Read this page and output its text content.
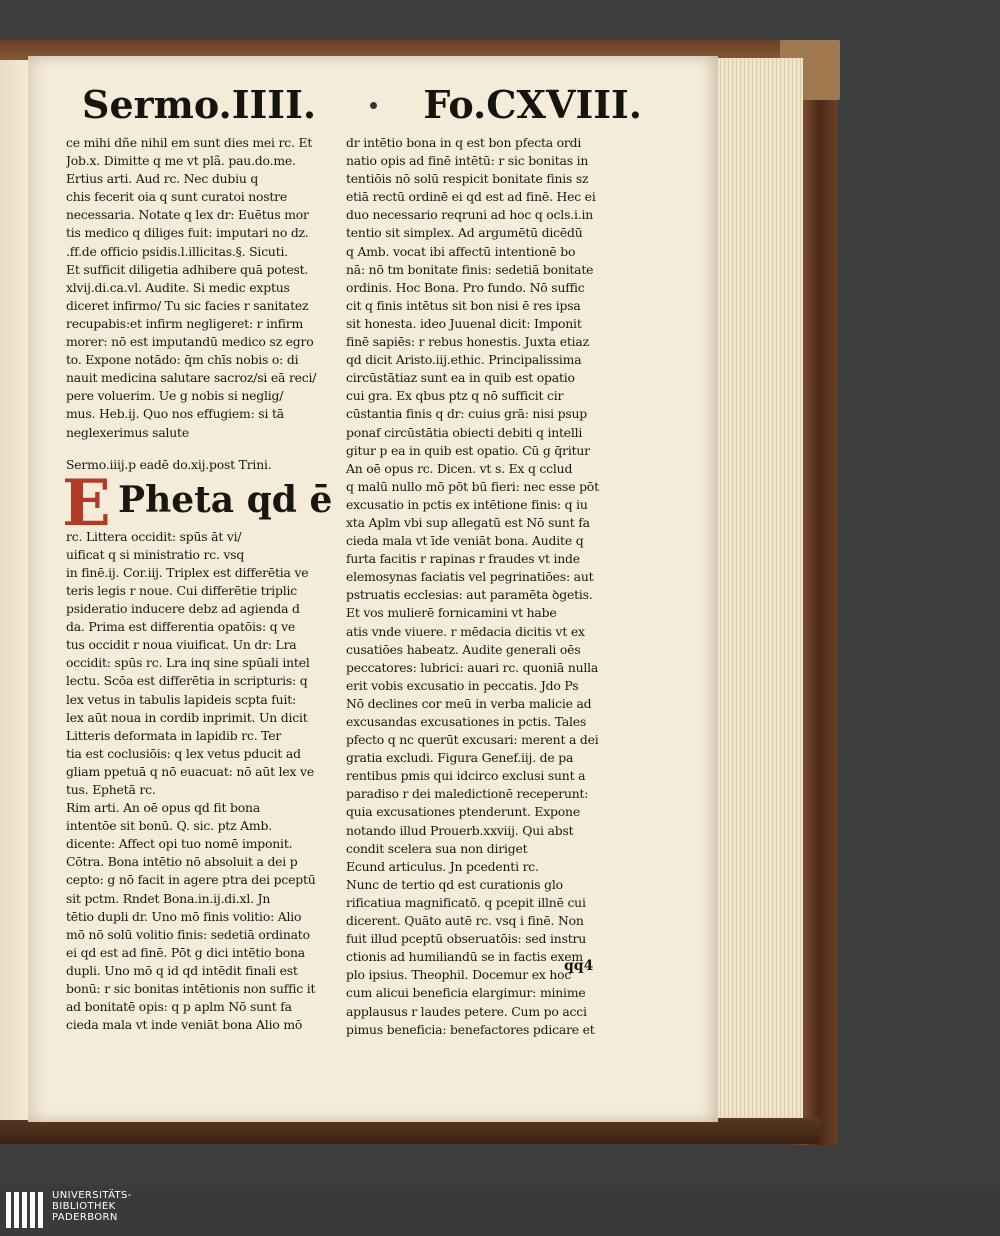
Sermo.IIII.	Fo.CXVIII.
ce mihi dñe nihil em sunt dies mei rc. Et
Job.x. Dimitte q me vt plã. pau.do.me.
Ertius arti. Aud rc. Nec dubiu q
chis fecerit oia q sunt curatoi nostre
necessaria. Notate q lex dr: Euētus mor
tis medico q diliges fuit: imputari no dz.
.ff.de officio psidis.l.illicitas.§. Sicuti.
Et sufficit diligetia adhibere quā potest.
xlvij.di.ca.vl. Audite. Si medic exptus
diceret infirmo/ Tu sic facies r sanitatez
recupabis:et infirm negligeret: r infirm
morer: nō est imputandū medico sz egro
to. Expone notādo: q̄m chīs nobis o: di
nauit medicina salutare sacroz/si eā reci/
pere voluerim. Ue g nobis si neglig/
mus. Heb.ij. Quo nos effugiem: si tā
neglexerimus salute
Sermo.iiij.p eadē do.xij.post Trini.
E Pheta qd ē
rc. Littera occidit: spūs āt vi/
uificat q si ministratio rc. vsq
in finē.ij. Cor.iij. Triplex est differētia ve
teris legis r noue. Cui differētie triplic
psideratio inducere debz ad agienda d
da. Prima est differentia opatōis: q ve
tus occidit r noua viuificat. Un dr: Lra
occidit: spūs rc. Lra inq sine spūali intel
lectu. Scōa est differētia in scripturis: q
lex vetus in tabulis lapideis scpta fuit:
lex aūt noua in cordib inprimit. Un dicit
Litteris deformata in lapidib rc. Ter
tia est coclusiōis: q lex vetus pducit ad
gliam ppetuā q nō euacuat: nō aūt lex ve
tus. Ephetā rc.
Rim arti. An oē opus qd fit bona
intentōe sit bonū. Q. sic. ptz Amb.
dicente: Affect opi tuo nomē imponit.
Cōtra. Bona intētio nō absoluit a dei p
cepto: g nō facit in agere ptra dei pceptū
sit pctm. Rndet Bona.in.ij.di.xl. Jn
tētio dupli dr. Uno mō finis volitio: Alio
mō nō solū volitio finis: sedetiā ordinato
ei qd est ad finē. Pōt g dici intētio bona
dupli. Uno mō q id qd intēdit finali est
bonū: r sic bonitas intētionis non suffic it
ad bonitatē opis: q p aplm Nō sunt fa
cieda mala vt inde veniāt bona Alio mō
dr intētio bona in q est bon pfecta ordi
natio opis ad finē intētū: r sic bonitas in
tentiōis nō solū respicit bonitate finis sz
etiā rectū ordinē ei qd est ad finē. Hec ei
duo necessario reqruni ad hoc q ocls.i.in
tentio sit simplex. Ad argumētū dicēdū
q Amb. vocat ibi affectū intentionē bo
nā: nō tm bonitate finis: sedetiā bonitate
ordinis. Hoc Bona. Pro fundo. Nō suffic
cit q finis intētus sit bon nisi ē res ipsa
sit honesta. ideo Juuenal dicit: Imponit
finē sapiēs: r rebus honestis. Juxta etiaz
qd dicit Aristo.iij.ethic. Principalissima
circūstātiaz sunt ea in quib est opatio
cui gra. Ex qbus ptz q nō sufficit cir
cūstantia finis q dr: cuius grā: nisi psup
ponaf circūstātia obiecti debiti q intelli
gitur p ea in quib est opatio. Cū g q̄ritur
An oē opus rc. Dicen. vt s. Ex q cclud
q malū nullo mō pōt bū fieri: nec esse pōt
excusatio in pctis ex intētione finis: q iu
xta Aplm vbi sup allegatū est Nō sunt fa
cieda mala vt īde veniāt bona. Audite q
furta facitis r rapinas r fraudes vt inde
elemosynas faciatis vel pegrinatiōes: aut
pstruatis ecclesias: aut paramēta ꝺgetis.
Et vos mulierē fornicamini vt habe
atis vnde viuere. r mēdacia dicitis vt ex
cusatiōes habeatz. Audite generali oēs
peccatores: lubrici: auari rc. quoniā nulla
erit vobis excusatio in peccatis. Jdo Ps
Nō declines cor meū in verba malicie ad
excusandas excusationes in pctis. Tales
pfecto q nc querūt excusari: merent a dei
gratia excludi. Figura Genef.iij. de pa
rentibus pmis qui idcirco exclusi sunt a
paradiso r dei maledictionē receperunt:
quia excusationes ptenderunt. Expone
notando illud Prouerb.xxviij. Qui abst
condit scelera sua non diriget
Ecund articulus. Jn pcedenti rc.
Nunc de tertio qd est curationis glo
rificatiua magnificatō. q pcepit illnē cui
dicerent. Quāto autē rc. vsq i finē. Non
fuit illud pceptū obseruatōis: sed instru
ctionis ad humiliandū se in factis exem
plo ipsius. Theophil. Docemur ex hoc
cum alicui beneficia elargimur: minime
applausus r laudes petere. Cum po acci
pimus beneficia: benefactores pdicare et
qq4
UNIVERSITÄTS-
BIBLIOTHEK
PADERBORN
